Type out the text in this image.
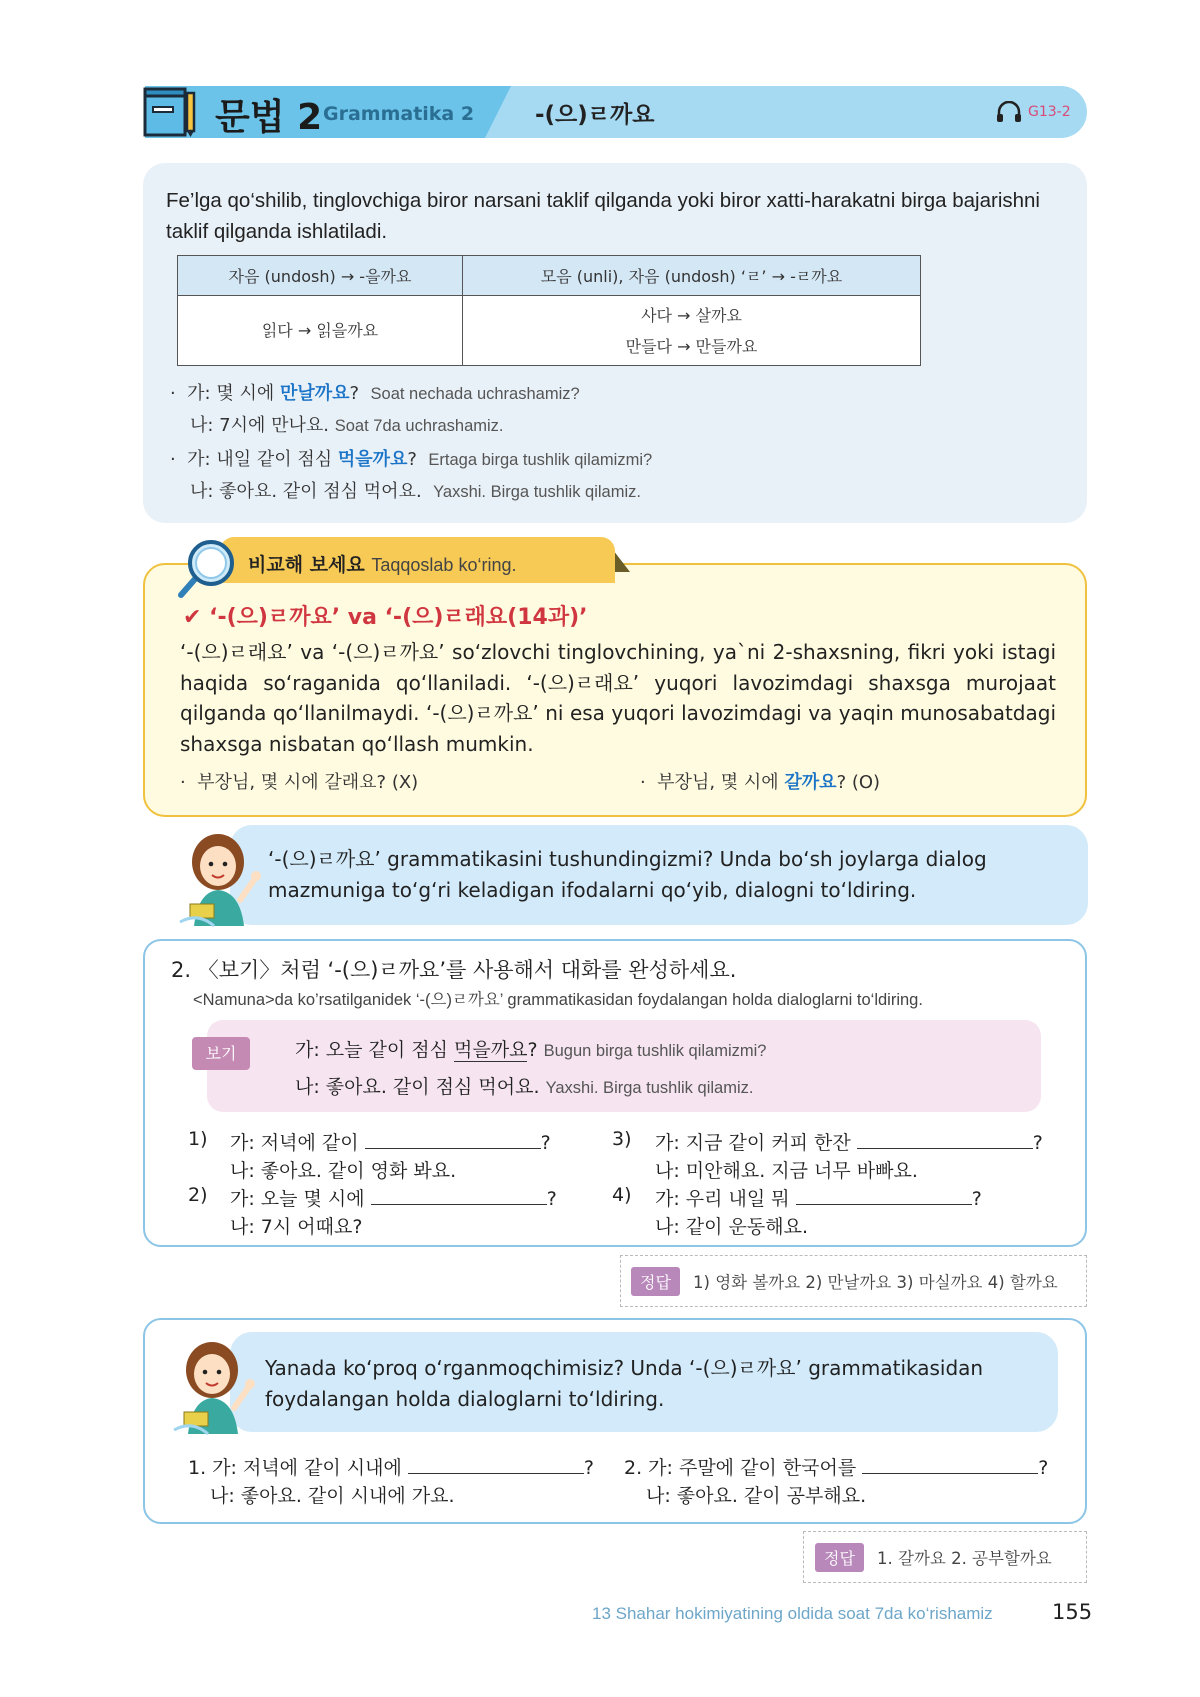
문법 2 Grammatika 2	-(으)ㄹ까요	G13-2
Fe’lga qo‘shilib, tinglovchiga biror narsani taklif qilganda yoki biror xatti-harakatni birga bajarishni taklif qilganda ishlatiladi.
자음 (undosh) → -을까요	모음 (unli), 자음 (undosh) ‘ㄹ’ → -ㄹ까요
읽다 → 읽을까요	사다 → 살까요
만들다 → 만들까요
·  가: 몇 시에 만날까요? Soat nechada uchrashamiz?
나: 7시에 만나요. Soat 7da uchrashamiz.
·  가: 내일 같이 점심 먹을까요? Ertaga birga tushlik qilamizmi?
나: 좋아요. 같이 점심 먹어요. Yaxshi. Birga tushlik qilamiz.
비교해 보세요 Taqqoslab ko‘ring.
✔ ‘-(으)ㄹ까요’ va ‘-(으)ㄹ래요(14과)’
‘-(으)ㄹ래요’ va ‘-(으)ㄹ까요’ so‘zlovchi tinglovchining, ya`ni 2-shaxsning, fikri yoki istagi haqida so‘raganida qo‘llaniladi. ‘-(으)ㄹ래요’ yuqori lavozimdagi shaxsga murojaat qilganda qo‘llanilmaydi. ‘-(으)ㄹ까요’ ni esa yuqori lavozimdagi va yaqin munosabatdagi shaxsga nisbatan qo‘llash mumkin.
·  부장님, 몇 시에 갈래요? (X)	·  부장님, 몇 시에 갈까요? (O)
‘-(으)ㄹ까요’ grammatikasini tushundingizmi? Unda bo‘sh joylarga dialog mazmuniga to‘g‘ri keladigan ifodalarni qo‘yib, dialogni to‘ldiring.
2. 〈보기〉처럼 ‘-(으)ㄹ까요’를 사용해서 대화를 완성하세요.
<Namuna>da ko’rsatilganidek ‘-(으)ㄹ까요’ grammatikasidan foydalangan holda dialoglarni to‘ldiring.
보기	가: 오늘 같이 점심 먹을까요? Bugun birga tushlik qilamizmi?
나: 좋아요. 같이 점심 먹어요. Yaxshi. Birga tushlik qilamiz.
1) 가: 저녁에 같이	?
나: 좋아요. 같이 영화 봐요.
2) 가: 오늘 몇 시에	?
나: 7시 어때요?
3) 가: 지금 같이 커피 한잔	?
나: 미안해요. 지금 너무 바빠요.
4) 가: 우리 내일 뭐	?
나: 같이 운동해요.
정답 1) 영화 볼까요 2) 만날까요 3) 마실까요 4) 할까요
Yanada ko‘proq o‘rganmoqchimisiz? Unda ‘-(으)ㄹ까요’ grammatikasidan foydalangan holda dialoglarni to‘ldiring.
1. 가: 저녁에 같이 시내에	?
나: 좋아요. 같이 시내에 가요.
2. 가: 주말에 같이 한국어를	?
나: 좋아요. 같이 공부해요.
정답 1. 갈까요 2. 공부할까요
13 Shahar hokimiyatining oldida soat 7da ko‘rishamiz	155
